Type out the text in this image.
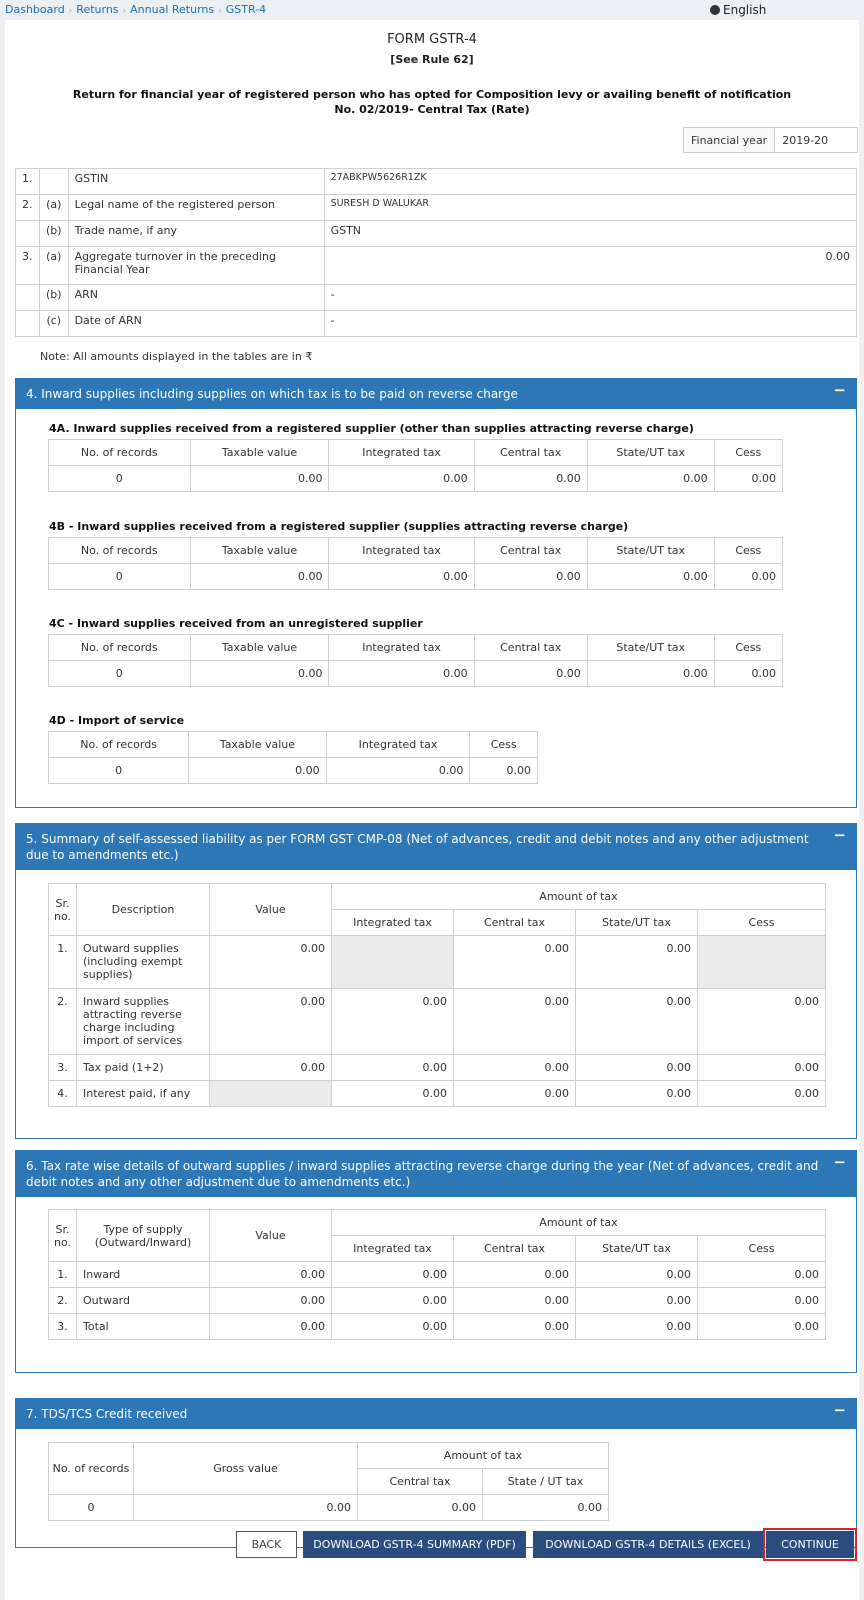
Dashboard › Returns › Annual Returns › GSTR-4	English
FORM GSTR-4
[See Rule 62]
Return for financial year of registered person who has opted for Composition levy or availing benefit of notification No. 02/2019- Central Tax (Rate)
Financial year	2019-20
1.		GSTIN	27ABKPW5626R1ZK
2.	(a)	Legal name of the registered person	SURESH D WALUKAR
	(b)	Trade name, if any	GSTN
3.	(a)	Aggregate turnover in the preceding Financial Year	0.00
	(b)	ARN	-
	(c)	Date of ARN	-
Note: All amounts displayed in the tables are in ₹
4. Inward supplies including supplies on which tax is to be paid on reverse charge	−
4A. Inward supplies received from a registered supplier (other than supplies attracting reverse charge)
No. of records	Taxable value	Integrated tax	Central tax	State/UT tax	Cess
0	0.00	0.00	0.00	0.00	0.00
4B - Inward supplies received from a registered supplier (supplies attracting reverse charge)
No. of records	Taxable value	Integrated tax	Central tax	State/UT tax	Cess
0	0.00	0.00	0.00	0.00	0.00
4C - Inward supplies received from an unregistered supplier
No. of records	Taxable value	Integrated tax	Central tax	State/UT tax	Cess
0	0.00	0.00	0.00	0.00	0.00
4D - Import of service
No. of records	Taxable value	Integrated tax	Cess
0	0.00	0.00	0.00
5. Summary of self-assessed liability as per FORM GST CMP-08 (Net of advances, credit and debit notes and any other adjustment due to amendments etc.)
−
Sr. no.	Description	Value	Amount of tax			
			Integrated tax	Central tax	State/UT tax	Cess
1.	Outward supplies (including exempt supplies)	0.00		0.00	0.00	
2.	Inward supplies attracting reverse charge including import of services	0.00	0.00	0.00	0.00	0.00
3.	Tax paid (1+2)	0.00	0.00	0.00	0.00	0.00
4.	Interest paid, if any		0.00	0.00	0.00	0.00
6. Tax rate wise details of outward supplies / inward supplies attracting reverse charge during the year (Net of advances, credit and debit notes and any other adjustment due to amendments etc.)
−
Sr. no.	Type of supply (Outward/Inward)	Value	Amount of tax			
			Integrated tax	Central tax	State/UT tax	Cess
1.	Inward	0.00	0.00	0.00	0.00	0.00
2.	Outward	0.00	0.00	0.00	0.00	0.00
3.	Total	0.00	0.00	0.00	0.00	0.00
7. TDS/TCS Credit received	−
No. of records	Gross value	Amount of tax	
		Central tax	State / UT tax
0	0.00	0.00	0.00
BACK	DOWNLOAD GSTR-4 SUMMARY (PDF)	DOWNLOAD GSTR-4 DETAILS (EXCEL)	CONTINUE
